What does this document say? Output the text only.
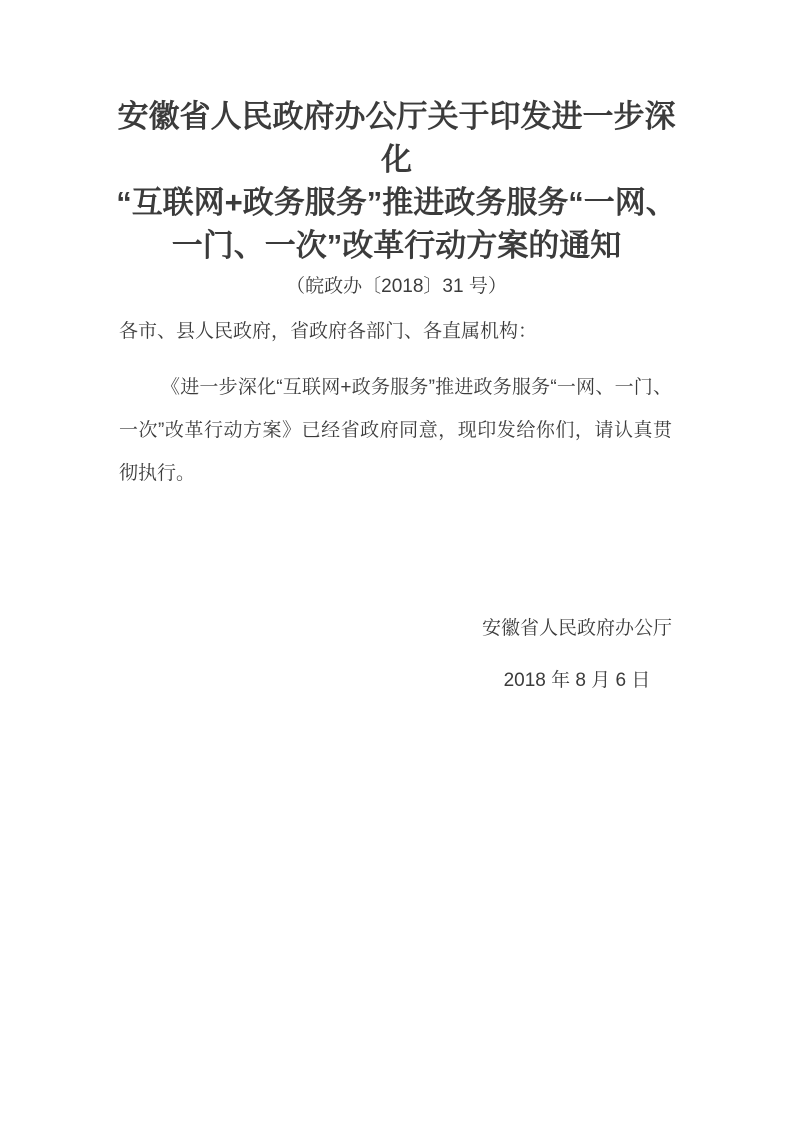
安徽省人民政府办公厅关于印发进一步深
化
“互联网+政务服务”推进政务服务“一网、
一门、一次”改革行动方案的通知
（皖政办〔2018〕31 号）

各市、县人民政府，省政府各部门、各直属机构：

《进一步深化“互联网+政务服务”推进政务服务“一网、一门、一次”改革行动方案》已经省政府同意，现印发给你们，请认真贯彻执行。

安徽省人民政府办公厅
2018 年 8 月 6 日
